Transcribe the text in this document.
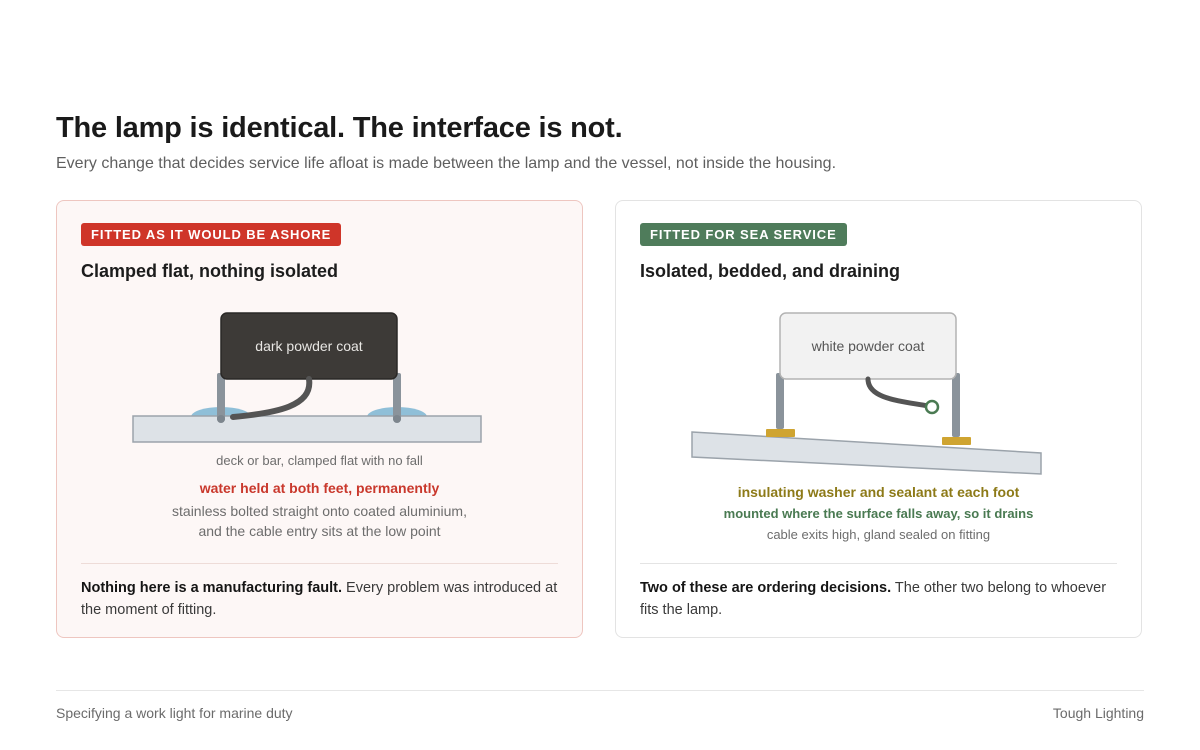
The lamp is identical. The interface is not.

Every change that decides service life afloat is made between the lamp and the vessel, not inside the housing.

FITTED AS IT WOULD BE ASHORE
Clamped flat, nothing isolated
dark powder coat

deck or bar, clamped flat with no fall

water held at both feet, permanently

stainless bolted straight onto coated aluminium,

and the cable entry sits at the low point

Nothing here is a manufacturing fault. Every problem was introduced at the moment of fitting.

FITTED FOR SEA SERVICE
Isolated, bedded, and draining
white powder coat

insulating washer and sealant at each foot

mounted where the surface falls away, so it drains

cable exits high, gland sealed on fitting

Two of these are ordering decisions. The other two belong to whoever fits the lamp.

Specifying a work light for marine duty	Tough Lighting
